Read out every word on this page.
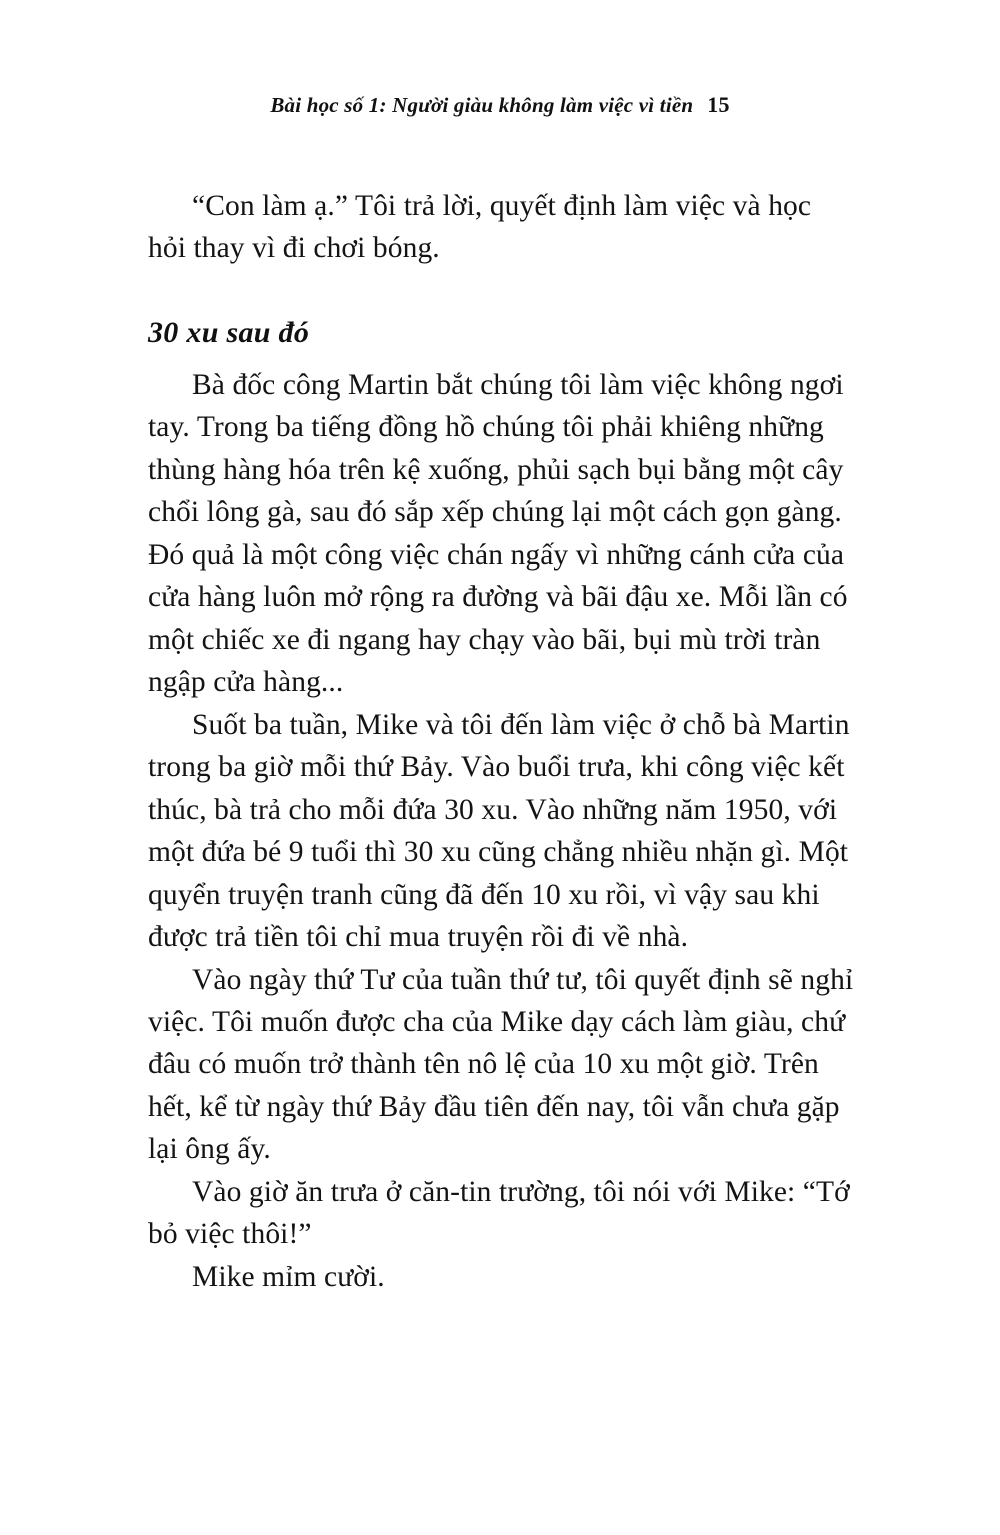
Bài học số 1: Người giàu không làm việc vì tiền 15

“Con làm ạ.” Tôi trả lời, quyết định làm việc và học hỏi thay vì đi chơi bóng.

30 xu sau đó

Bà đốc công Martin bắt chúng tôi làm việc không ngơi tay. Trong ba tiếng đồng hồ chúng tôi phải khiêng những thùng hàng hóa trên kệ xuống, phủi sạch bụi bằng một cây chổi lông gà, sau đó sắp xếp chúng lại một cách gọn gàng. Đó quả là một công việc chán ngấy vì những cánh cửa của cửa hàng luôn mở rộng ra đường và bãi đậu xe. Mỗi lần có một chiếc xe đi ngang hay chạy vào bãi, bụi mù trời tràn ngập cửa hàng...

Suốt ba tuần, Mike và tôi đến làm việc ở chỗ bà Martin trong ba giờ mỗi thứ Bảy. Vào buổi trưa, khi công việc kết thúc, bà trả cho mỗi đứa 30 xu. Vào những năm 1950, với một đứa bé 9 tuổi thì 30 xu cũng chẳng nhiều nhặn gì. Một quyển truyện tranh cũng đã đến 10 xu rồi, vì vậy sau khi được trả tiền tôi chỉ mua truyện rồi đi về nhà.

Vào ngày thứ Tư của tuần thứ tư, tôi quyết định sẽ nghỉ việc. Tôi muốn được cha của Mike dạy cách làm giàu, chứ đâu có muốn trở thành tên nô lệ của 10 xu một giờ. Trên hết, kể từ ngày thứ Bảy đầu tiên đến nay, tôi vẫn chưa gặp lại ông ấy.

Vào giờ ăn trưa ở căn-tin trường, tôi nói với Mike: “Tớ bỏ việc thôi!”

Mike mỉm cười.
